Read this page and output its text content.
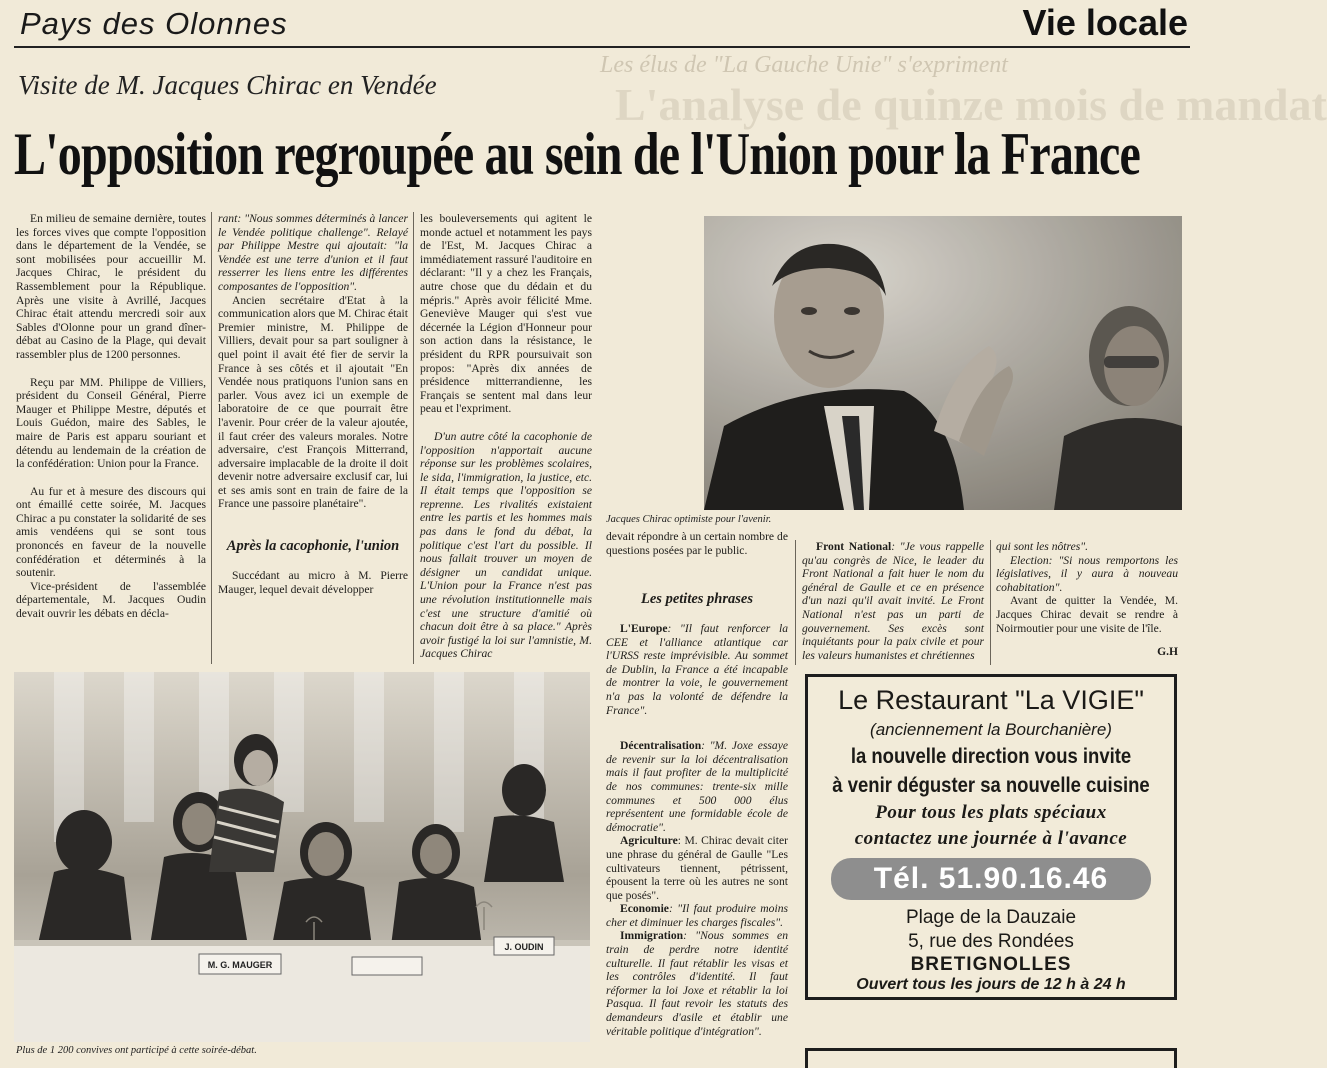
Les élus de "La Gauche Unie" s'expriment
L'analyse de quinze mois de mandat
Pays des Olonnes	Vie locale
Visite de M. Jacques Chirac en Vendée
L'opposition regroupée au sein de l'Union pour la France

En milieu de semaine dernière, toutes les forces vives que compte l'opposition dans le département de la Vendée, se sont mobilisées pour accueillir M. Jacques Chirac, le président du Rassemblement pour la République. Après une visite à Avrillé, Jacques Chirac était attendu mercredi soir aux Sables d'Olonne pour un grand dîner-débat au Casino de la Plage, qui devait rassembler plus de 1200 personnes.

Reçu par MM. Philippe de Villiers, président du Conseil Général, Pierre Mauger et Philippe Mestre, députés et Louis Guédon, maire des Sables, le maire de Paris est apparu souriant et détendu au lendemain de la création de la confédération: Union pour la France.

Au fur et à mesure des discours qui ont émaillé cette soirée, M. Jacques Chirac a pu constater la solidarité de ses amis vendéens qui se sont tous prononcés en faveur de la nouvelle confédération et déterminés à la soutenir.

Vice-président de l'assemblée départementale, M. Jacques Oudin devait ouvrir les débats en décla-

rant: "Nous sommes déterminés à lancer le Vendée politique challenge". Relayé par Philippe Mestre qui ajoutait: "la Vendée est une terre d'union et il faut resserrer les liens entre les différentes composantes de l'opposition".

Ancien secrétaire d'Etat à la communication alors que M. Chirac était Premier ministre, M. Philippe de Villiers, devait pour sa part souligner à quel point il avait été fier de servir la France à ses côtés et il ajoutait "En Vendée nous pratiquons l'union sans en parler. Vous avez ici un exemple de laboratoire de ce que pourrait être l'avenir. Pour créer de la valeur ajoutée, il faut créer des valeurs morales. Notre adversaire, c'est François Mitterrand, adversaire implacable de la droite il doit devenir notre adversaire exclusif car, lui et ses amis sont en train de faire de la France une passoire planétaire".

Après la cacophonie, l'union

Succédant au micro à M. Pierre Mauger, lequel devait développer

les bouleversements qui agitent le monde actuel et notamment les pays de l'Est, M. Jacques Chirac a immédiatement rassuré l'auditoire en déclarant: "Il y a chez les Français, autre chose que du dédain et du mépris." Après avoir félicité Mme. Geneviève Mauger qui s'est vue décernée la Légion d'Honneur pour son action dans la résistance, le président du RPR poursuivait son propos: "Après dix années de présidence mitterrandienne, les Français se sentent mal dans leur peau et l'expriment.

D'un autre côté la cacophonie de l'opposition n'apportait aucune réponse sur les problèmes scolaires, le sida, l'immigration, la justice, etc. Il était temps que l'opposition se reprenne. Les rivalités existaient entre les partis et les hommes mais pas dans le fond du débat, la politique c'est l'art du possible. Il nous fallait trouver un moyen de désigner un candidat unique. L'Union pour la France n'est pas une révolution institutionnelle mais c'est une structure d'amitié où chacun doit être à sa place." Après avoir fustigé la loi sur l'amnistie, M. Jacques Chirac

Jacques Chirac optimiste pour l'avenir.

devait répondre à un certain nombre de questions posées par le public.

Les petites phrases

L'Europe: "Il faut renforcer la CEE et l'alliance atlantique car l'URSS reste imprévisible. Au sommet de Dublin, la France a été incapable de montrer la voie, le gouvernement n'a pas la volonté de défendre la France".

Décentralisation: "M. Joxe essaye de revenir sur la loi décentralisation mais il faut profiter de la multiplicité de nos communes: trente-six mille communes et 500 000 élus représentent une formidable école de démocratie".

Agriculture: M. Chirac devait citer une phrase du général de Gaulle "Les cultivateurs tiennent, pétrissent, épousent la terre où les autres ne sont que posés".

Economie: "Il faut produire moins cher et diminuer les charges fiscales".

Immigration: "Nous sommes en train de perdre notre identité culturelle. Il faut rétablir les visas et les contrôles d'identité. Il faut réformer la loi Joxe et rétablir la loi Pasqua. Il faut revoir les statuts des demandeurs d'asile et établir une véritable politique d'intégration".

Front National: "Je vous rappelle qu'au congrès de Nice, le leader du Front National a fait huer le nom du général de Gaulle et ce en présence d'un nazi qu'il avait invité. Le Front National n'est pas un parti de gouvernement. Ses excès sont inquiétants pour la paix civile et pour les valeurs humanistes et chrétiennes

qui sont les nôtres".

Election: "Si nous remportons les législatives, il y aura à nouveau cohabitation".

Avant de quitter la Vendée, M. Jacques Chirac devait se rendre à Noirmoutier pour une visite de l'île.

G.H

M. G. MAUGER
J. OUDIN
Plus de 1 200 convives ont participé à cette soirée-débat.
Le Restaurant "La VIGIE"
(anciennement la Bourchanière)
la nouvelle direction vous invite
à venir déguster sa nouvelle cuisine
Pour tous les plats spéciaux
contactez une journée à l'avance
Tél. 51.90.16.46
Plage de la Dauzaie
5, rue des Rondées
BRETIGNOLLES
Ouvert tous les jours de 12 h à 24 h
